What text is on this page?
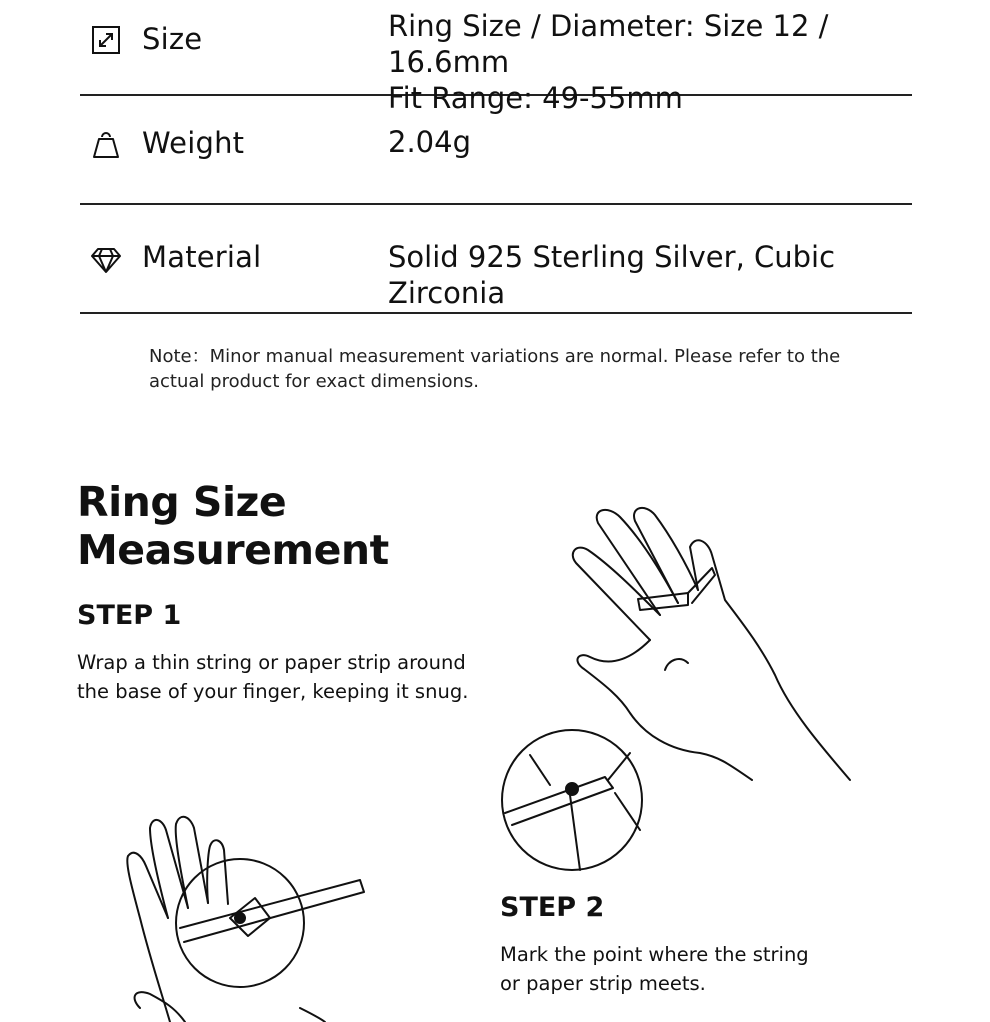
Size	Ring Size / Diameter: Size 12 / 16.6mm
Fit Range: 49-55mm
Weight	2.04g
Material	Solid 925 Sterling Silver, Cubic Zirconia
Note：Minor manual measurement variations are normal. Please refer to the actual product for exact dimensions.
Ring Size
Measurement
STEP 1
Wrap a thin string or paper strip around the base of your finger, keeping it snug.
STEP 2
Mark the point where the string or paper strip meets.
